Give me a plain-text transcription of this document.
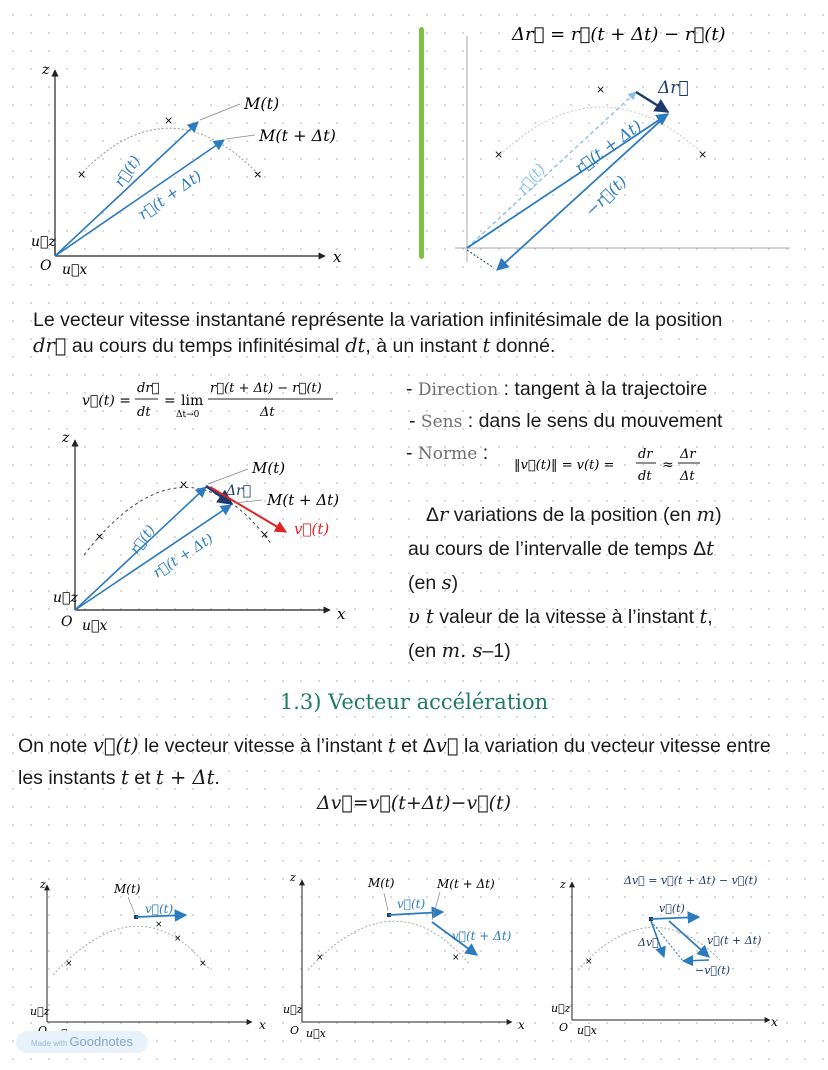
×
×
×
z
x
O
u⃗z
u⃗x
M(t)
M(t + Δt)
r⃗(t)
r⃗(t + Δt)
Δr⃗ = r⃗(t + Δt) − r⃗(t)
×
×
×
Δr⃗
r⃗(t)
r⃗(t + Δt)
−r⃗(t)
Le vecteur vitesse instantané représente la variation infinitésimale de la position
dr⃗ au cours du temps infinitésimal dt, à un instant t donné.
v⃗(t) =
dr⃗
dt
= lim
Δt→0
r⃗(t + Δt) − r⃗(t)
Δt
×
×
×
z
x
O
u⃗z
u⃗x
M(t)
M(t + Δt)
Δr⃗
v⃗(t)
r⃗(t)
r⃗(t + Δt)
- Direction : tangent à la trajectoire
- Sens : dans le sens du mouvement
- Norme :
‖v⃗(t)‖ = v(t) =
dr
dt
≈
Δr
Δt
Δr variations de la position (en m)
au cours de l’intervalle de temps Δt
(en s)
υ t valeur de la vitesse à l’instant t,
(en m. s–1)
1.3) Vecteur accélération
On note v⃗(t) le vecteur vitesse à l’instant t et Δv⃗ la variation du vecteur vitesse entre
les instants t et t + Δt.
Δv⃗=v⃗(t+Δt)−v⃗(t)
×
×
×
×
z
x
u⃗z
M(t)
v⃗(t)
×	×
z
x
O
u⃗z
u⃗x
M(t)	M(t + Δt)
v⃗(t)
v⃗(t + Δt)
Δv⃗ = v⃗(t + Δt) − v⃗(t)
×
z
x
O
u⃗z
u⃗x
v⃗(t)
v⃗(t + Δt)
Δv⃗
−v⃗(t)
Made with Goodnotes
